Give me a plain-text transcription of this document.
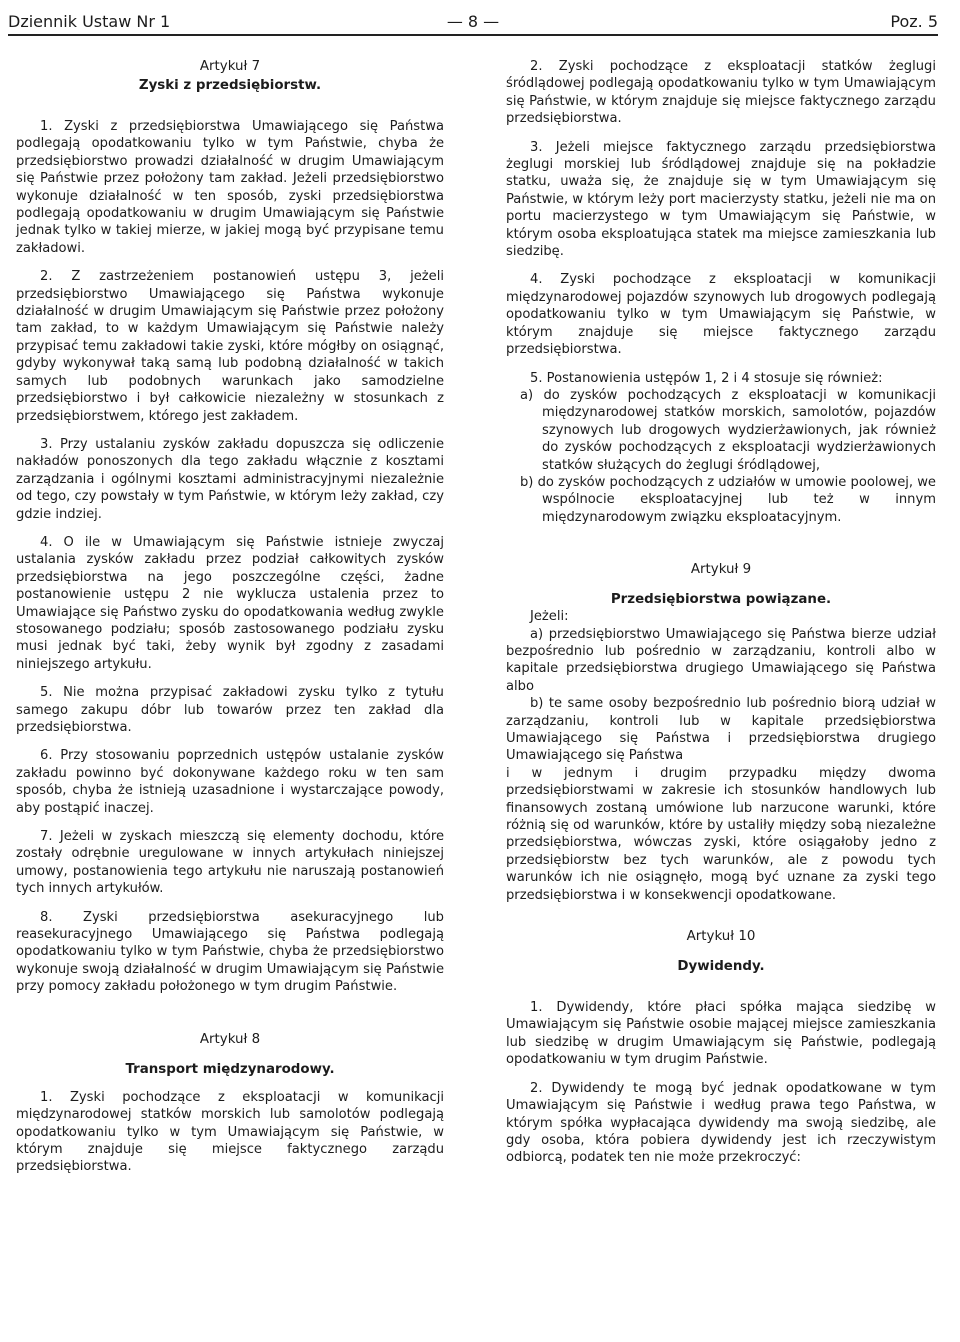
Dziennik Ustaw Nr 1	— 8 —	Poz. 5

Artykuł 7

Zyski z przedsiębiorstw.

1. Zyski z przedsiębiorstwa Umawiającego się Państwa podlegają opodatkowaniu tylko w tym Państwie, chyba że przedsiębiorstwo prowadzi działalność w drugim Umawiającym się Państwie przez położony tam zakład. Jeżeli przedsiębiorstwo wykonuje działalność w ten sposób, zyski przedsiębiorstwa podlegają opodatkowaniu w drugim Umawiającym się Państwie jednak tylko w takiej mierze, w jakiej mogą być przypisane temu zakładowi.

2. Z zastrzeżeniem postanowień ustępu 3, jeżeli przedsiębiorstwo Umawiającego się Państwa wykonuje działalność w drugim Umawiającym się Państwie przez położony tam zakład, to w każdym Umawiającym się Państwie należy przypisać temu zakładowi takie zyski, które mógłby on osiągnąć, gdyby wykonywał taką samą lub podobną działalność w takich samych lub podobnych warunkach jako samodzielne przedsiębiorstwo i był całkowicie niezależny w stosunkach z przedsiębiorstwem, którego jest zakładem.

3. Przy ustalaniu zysków zakładu dopuszcza się odliczenie nakładów ponoszonych dla tego zakładu włącznie z kosztami zarządzania i ogólnymi kosztami administracyjnymi niezależnie od tego, czy powstały w tym Państwie, w którym leży zakład, czy gdzie indziej.

4. O ile w Umawiającym się Państwie istnieje zwyczaj ustalania zysków zakładu przez podział całkowitych zysków przedsiębiorstwa na jego poszczególne części, żadne postanowienie ustępu 2 nie wyklucza ustalenia przez to Umawiające się Państwo zysku do opodatkowania według zwykle stosowanego podziału; sposób zastosowanego podziału zysku musi jednak być taki, żeby wynik był zgodny z zasadami niniejszego artykułu.

5. Nie można przypisać zakładowi zysku tylko z tytułu samego zakupu dóbr lub towarów przez ten zakład dla przedsiębiorstwa.

6. Przy stosowaniu poprzednich ustępów ustalanie zysków zakładu powinno być dokonywane każdego roku w ten sam sposób, chyba że istnieją uzasadnione i wystarczające powody, aby postąpić inaczej.

7. Jeżeli w zyskach mieszczą się elementy dochodu, które zostały odrębnie uregulowane w innych artykułach niniejszej umowy, postanowienia tego artykułu nie naruszają postanowień tych innych artykułów.

8. Zyski przedsiębiorstwa asekuracyjnego lub reasekuracyjnego Umawiającego się Państwa podlegają opodatkowaniu tylko w tym Państwie, chyba że przedsiębiorstwo wykonuje swoją działalność w drugim Umawiającym się Państwie przy pomocy zakładu położonego w tym drugim Państwie.

Artykuł 8

Transport międzynarodowy.

1. Zyski pochodzące z eksploatacji w komunikacji międzynarodowej statków morskich lub samolotów podlegają opodatkowaniu tylko w tym Umawiającym się Państwie, w którym znajduje się miejsce faktycznego zarządu przedsiębiorstwa.

2. Zyski pochodzące z eksploatacji statków żeglugi śródlądowej podlegają opodatkowaniu tylko w tym Umawiającym się Państwie, w którym znajduje się miejsce faktycznego zarządu przedsiębiorstwa.

3. Jeżeli miejsce faktycznego zarządu przedsiębiorstwa żeglugi morskiej lub śródlądowej znajduje się na pokładzie statku, uważa się, że znajduje się w tym Umawiającym się Państwie, w którym leży port macierzysty statku, jeżeli nie ma on portu macierzystego w tym Umawiającym się Państwie, w którym osoba eksploatująca statek ma miejsce zamieszkania lub siedzibę.

4. Zyski pochodzące z eksploatacji w komunikacji międzynarodowej pojazdów szynowych lub drogowych podlegają opodatkowaniu tylko w tym Umawiającym się Państwie, w którym znajduje się miejsce faktycznego zarządu przedsiębiorstwa.

5. Postanowienia ustępów 1, 2 i 4 stosuje się również:

a) do zysków pochodzących z eksploatacji w komunikacji międzynarodowej statków morskich, samolotów, pojazdów szynowych lub drogowych wydzierżawionych, jak również do zysków pochodzących z eksploatacji wydzierżawionych statków służących do żeglugi śródlądowej,

b) do zysków pochodzących z udziałów w umowie poolowej, we wspólnocie eksploatacyjnej lub też w innym międzynarodowym związku eksploatacyjnym.

Artykuł 9

Przedsiębiorstwa powiązane.

Jeżeli:

a) przedsiębiorstwo Umawiającego się Państwa bierze udział bezpośrednio lub pośrednio w zarządzaniu, kontroli albo w kapitale przedsiębiorstwa drugiego Umawiającego się Państwa albo

b) te same osoby bezpośrednio lub pośrednio biorą udział w zarządzaniu, kontroli lub w kapitale przedsiębiorstwa Umawiającego się Państwa i przedsiębiorstwa drugiego Umawiającego się Państwa

i w jednym i drugim przypadku między dwoma przedsiębiorstwami w zakresie ich stosunków handlowych lub finansowych zostaną umówione lub narzucone warunki, które różnią się od warunków, które by ustaliły między sobą niezależne przedsiębiorstwa, wówczas zyski, które osiągałoby jedno z przedsiębiorstw bez tych warunków, ale z powodu tych warunków ich nie osiągnęło, mogą być uznane za zyski tego przedsiębiorstwa i w konsekwencji opodatkowane.

Artykuł 10

Dywidendy.

1. Dywidendy, które płaci spółka mająca siedzibę w Umawiającym się Państwie osobie mającej miejsce zamieszkania lub siedzibę w drugim Umawiającym się Państwie, podlegają opodatkowaniu w tym drugim Państwie.

2. Dywidendy te mogą być jednak opodatkowane w tym Umawiającym się Państwie i według prawa tego Państwa, w którym spółka wypłacająca dywidendy ma swoją siedzibę, ale gdy osoba, która pobiera dywidendy jest ich rzeczywistym odbiorcą, podatek ten nie może przekroczyć:
